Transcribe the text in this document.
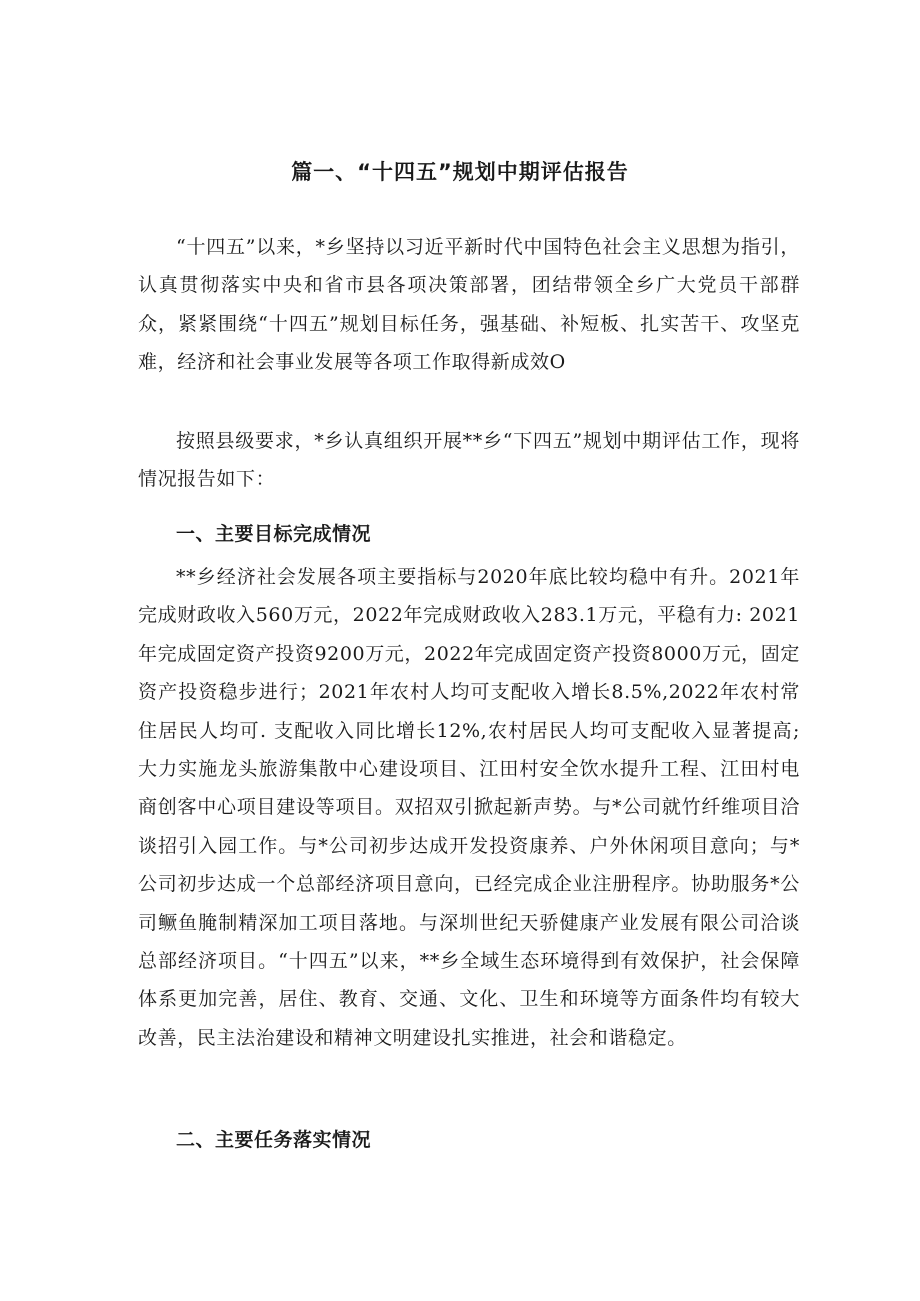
篇一、“十四五”规划中期评估报告

“十四五”以来，*乡坚持以习近平新时代中国特色社会主义思想为指引，认真贯彻落实中央和省市县各项决策部署，团结带领全乡广大党员干部群众，紧紧围绕“十四五”规划目标任务，强基础、补短板、扎实苦干、攻坚克难，经济和社会事业发展等各项工作取得新成效O

按照县级要求，*乡认真组织开展**乡“下四五”规划中期评估工作，现将情况报告如下：

一、主要目标完成情况

**乡经济社会发展各项主要指标与2020年底比较均稳中有升。2021年完成财政收入560万元，2022年完成财政收入283.1万元，平稳有力: 2021年完成固定资产投资9200万元，2022年完成固定资产投资8000万元，固定资产投资稳步进行；2021年农村人均可支配收入增长8.5%,2022年农村常住居民人均可. 支配收入同比增长12%,农村居民人均可支配收入显著提高; 大力实施龙头旅游集散中心建设项目、江田村安全饮水提升工程、江田村电商创客中心项目建设等项目。双招双引掀起新声势。与*公司就竹纤维项目洽谈招引入园工作。与*公司初步达成开发投资康养、户外休闲项目意向；与*公司初步达成一个总部经济项目意向，已经完成企业注册程序。协助服务*公司鳜鱼腌制精深加工项目落地。与深圳世纪天骄健康产业发展有限公司洽谈总部经济项目。“十四五”以来，**乡全域生态环境得到有效保护，社会保障体系更加完善，居住、教育、交通、文化、卫生和环境等方面条件均有较大改善，民主法治建设和精神文明建设扎实推进，社会和谐稳定。

二、主要任务落实情况
